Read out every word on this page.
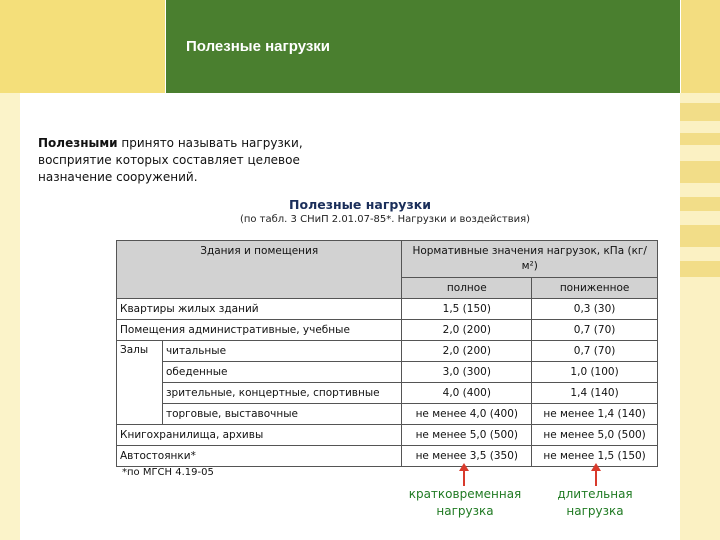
Полезные нагрузки
Полезными принято называть нагрузки, восприятие которых составляет целевое назначение сооружений.
Полезные нагрузки
(по табл. 3 СНиП 2.01.07-85*. Нагрузки и воздействия)
Здания и помещения		Нормативные значения нагрузок, кПа (кг/м²)	
		полное	пониженное
Квартиры жилых зданий		1,5 (150)	0,3 (30)
Помещения административные, учебные		2,0 (200)	0,7 (70)
Залы	читальные	2,0 (200)	0,7 (70)
	обеденные	3,0 (300)	1,0 (100)
	зрительные, концертные, спортивные	4,0 (400)	1,4 (140)
	торговые, выставочные	не менее 4,0 (400)	не менее 1,4 (140)
Книгохранилища, архивы		не менее 5,0 (500)	не менее 5,0 (500)
Автостоянки*		не менее 3,5 (350)	не менее 1,5 (150)
*по МГСН 4.19-05
кратковременная нагрузка
длительная нагрузка
